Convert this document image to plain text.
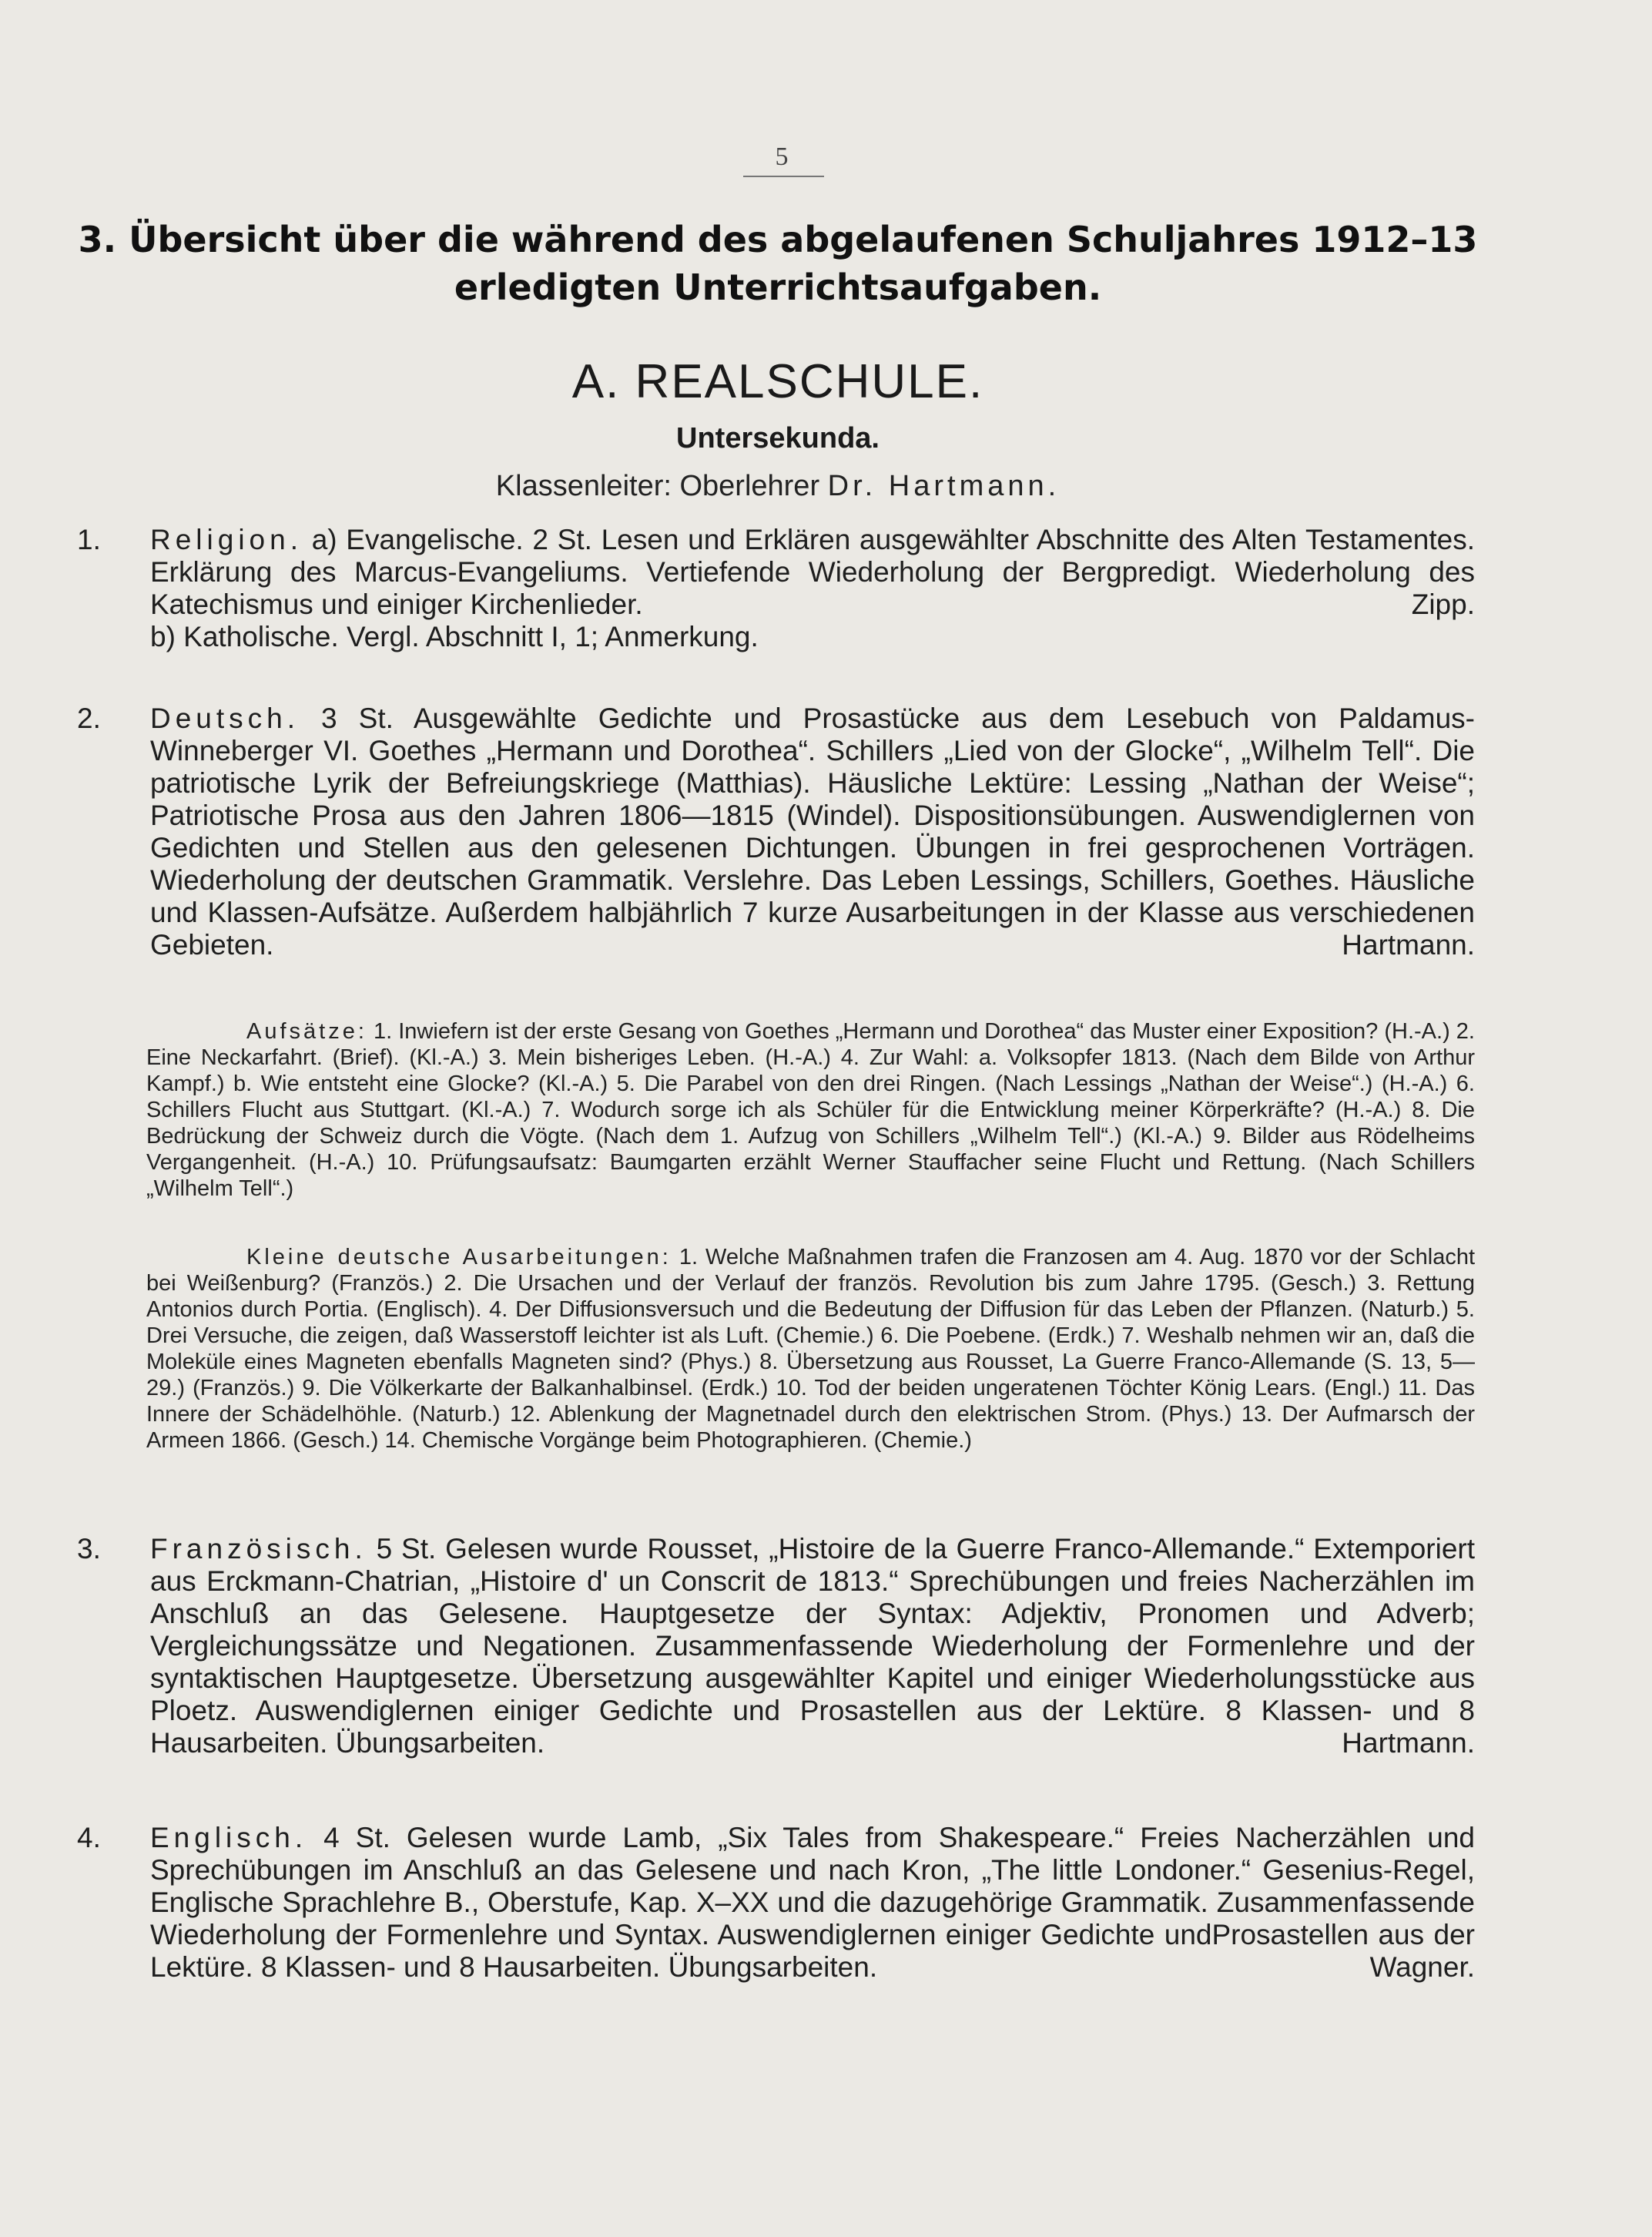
5
3. Übersicht über die während des abgelaufenen Schuljahres 1912–13
erledigten Unterrichtsaufgaben.
A. REALSCHULE.
Untersekunda.
Klassenleiter: Oberlehrer Dr. Hartmann.
1. Religion. a) Evangelische. 2 St. Lesen und Erklären ausgewählter Abschnitte des Alten Testamentes. Erklärung des Marcus-Evangeliums. Vertiefende Wiederholung der Bergpredigt. Wiederholung des Katechismus und einiger Kirchenlieder.	Zipp.
b) Katholische. Vergl. Abschnitt I, 1; Anmerkung.
2. Deutsch. 3 St. Ausgewählte Gedichte und Prosastücke aus dem Lesebuch von Paldamus-Winneberger VI. Goethes „Hermann und Dorothea“. Schillers „Lied von der Glocke“, „Wilhelm Tell“. Die patriotische Lyrik der Befreiungskriege (Matthias). Häusliche Lektüre: Lessing „Nathan der Weise“; Patriotische Prosa aus den Jahren 1806—1815 (Windel). Dispositionsübungen. Auswendiglernen von Gedichten und Stellen aus den gelesenen Dichtungen. Übungen in frei gesprochenen Vorträgen. Wiederholung der deutschen Grammatik. Verslehre. Das Leben Lessings, Schillers, Goethes. Häusliche und Klassen-Aufsätze. Außerdem halbjährlich 7 kurze Ausarbeitungen in der Klasse aus verschiedenen Gebieten.	Hartmann.

Aufsätze: 1. Inwiefern ist der erste Gesang von Goethes „Hermann und Dorothea“ das Muster einer Exposition? (H.-A.) 2. Eine Neckarfahrt. (Brief). (Kl.-A.) 3. Mein bisheriges Leben. (H.-A.) 4. Zur Wahl: a. Volksopfer 1813. (Nach dem Bilde von Arthur Kampf.) b. Wie entsteht eine Glocke? (Kl.-A.) 5. Die Parabel von den drei Ringen. (Nach Lessings „Nathan der Weise“.) (H.-A.) 6. Schillers Flucht aus Stuttgart. (Kl.-A.) 7. Wodurch sorge ich als Schüler für die Entwicklung meiner Körperkräfte? (H.-A.) 8. Die Bedrückung der Schweiz durch die Vögte. (Nach dem 1. Aufzug von Schillers „Wilhelm Tell“.) (Kl.-A.) 9. Bilder aus Rödelheims Vergangenheit. (H.-A.) 10. Prüfungsaufsatz: Baumgarten erzählt Werner Stauffacher seine Flucht und Rettung. (Nach Schillers „Wilhelm Tell“.)

Kleine deutsche Ausarbeitungen: 1. Welche Maßnahmen trafen die Franzosen am 4. Aug. 1870 vor der Schlacht bei Weißenburg? (Französ.) 2. Die Ursachen und der Verlauf der französ. Revolution bis zum Jahre 1795. (Gesch.) 3. Rettung Antonios durch Portia. (Englisch). 4. Der Diffusionsversuch und die Bedeutung der Diffusion für das Leben der Pflanzen. (Naturb.) 5. Drei Versuche, die zeigen, daß Wasserstoff leichter ist als Luft. (Chemie.) 6. Die Poebene. (Erdk.) 7. Weshalb nehmen wir an, daß die Moleküle eines Magneten ebenfalls Magneten sind? (Phys.) 8. Übersetzung aus Rousset, La Guerre Franco-Allemande (S. 13, 5—29.) (Französ.) 9. Die Völkerkarte der Balkanhalbinsel. (Erdk.) 10. Tod der beiden ungeratenen Töchter König Lears. (Engl.) 11. Das Innere der Schädelhöhle. (Naturb.) 12. Ablenkung der Magnetnadel durch den elektrischen Strom. (Phys.) 13. Der Aufmarsch der Armeen 1866. (Gesch.) 14. Chemische Vorgänge beim Photographieren. (Chemie.)

3. Französisch. 5 St. Gelesen wurde Rousset, „Histoire de la Guerre Franco-Allemande.“ Extemporiert aus Erckmann-Chatrian, „Histoire d' un Conscrit de 1813.“ Sprechübungen und freies Nacherzählen im Anschluß an das Gelesene. Hauptgesetze der Syntax: Adjektiv, Pronomen und Adverb; Vergleichungssätze und Negationen. Zusammenfassende Wiederholung der Formenlehre und der syntaktischen Hauptgesetze. Übersetzung ausgewählter Kapitel und einiger Wiederholungsstücke aus Ploetz. Auswendiglernen einiger Gedichte und Prosastellen aus der Lektüre. 8 Klassen- und 8 Hausarbeiten. Übungsarbeiten.	Hartmann.
4. Englisch. 4 St. Gelesen wurde Lamb, „Six Tales from Shakespeare.“ Freies Nacherzählen und Sprechübungen im Anschluß an das Gelesene und nach Kron, „The little Londoner.“ Gesenius-Regel, Englische Sprachlehre B., Oberstufe, Kap. X–XX und die dazugehörige Grammatik. Zusammenfassende Wiederholung der Formenlehre und Syntax. Auswendiglernen einiger Gedichte undProsastellen aus der Lektüre. 8 Klassen- und 8 Hausarbeiten. Übungsarbeiten.	Wagner.
